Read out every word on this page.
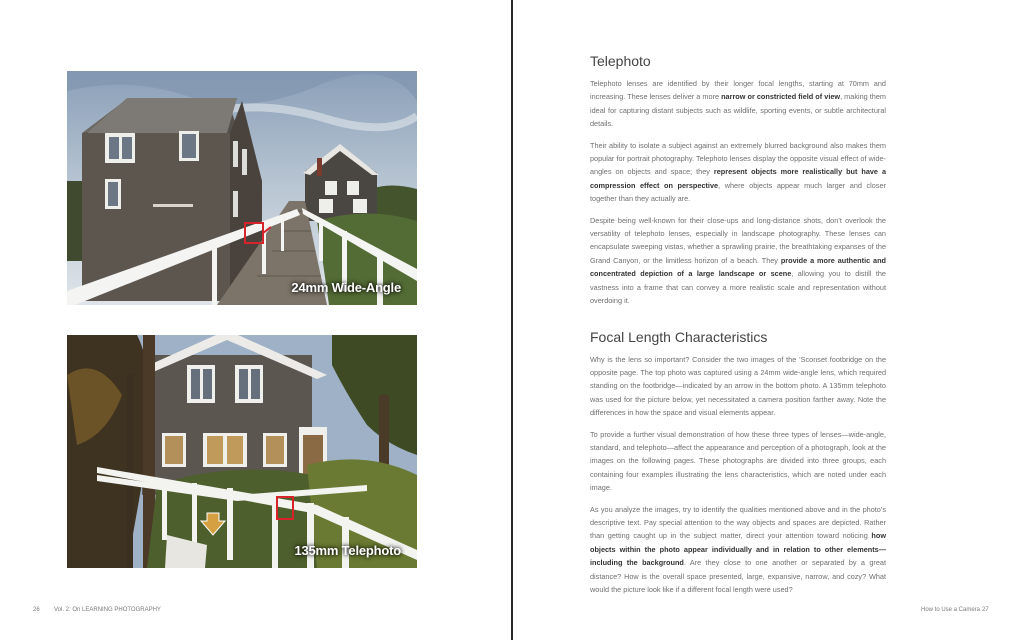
24mm Wide-Angle
135mm Telephoto
26 Vol. 2: On LEARNING PHOTOGRAPHY
Telephoto

Telephoto lenses are identified by their longer focal lengths, starting at 70mm and increasing. These lenses deliver a more narrow or constricted field of view, making them ideal for capturing distant subjects such as wildlife, sporting events, or subtle architectural details.

Their ability to isolate a subject against an extremely blurred background also makes them popular for portrait photography. Telephoto lenses display the opposite visual effect of wide-angles on objects and space; they represent objects more realistically but have a compression effect on perspective, where objects appear much larger and closer together than they actually are.

Despite being well-known for their close-ups and long-distance shots, don’t overlook the versatility of telephoto lenses, especially in landscape photography. These lenses can encapsulate sweeping vistas, whether a sprawling prairie, the breathtaking expanses of the Grand Canyon, or the limitless horizon of a beach. They provide a more authentic and concentrated depiction of a large landscape or scene, allowing you to distill the vastness into a frame that can convey a more realistic scale and representation without overdoing it.

Focal Length Characteristics

Why is the lens so important? Consider the two images of the ’Sconset footbridge on the opposite page. The top photo was captured using a 24mm wide-angle lens, which required standing on the footbridge—indicated by an arrow in the bottom photo. A 135mm telephoto was used for the picture below, yet necessitated a camera position farther away. Note the differences in how the space and visual elements appear.

To provide a further visual demonstration of how these three types of lenses—wide-angle, standard, and telephoto—affect the appearance and perception of a photograph, look at the images on the following pages. These photographs are divided into three groups, each containing four examples illustrating the lens characteristics, which are noted under each image.

As you analyze the images, try to identify the qualities mentioned above and in the photo’s descriptive text. Pay special attention to the way objects and spaces are depicted. Rather than getting caught up in the subject matter, direct your attention toward noticing how objects within the photo appear individually and in relation to other elements—including the background. Are they close to one another or separated by a great distance? How is the overall space presented, large, expansive, narrow, and cozy? What would the picture look like if a different focal length were used?

How to Use a Camera 27
